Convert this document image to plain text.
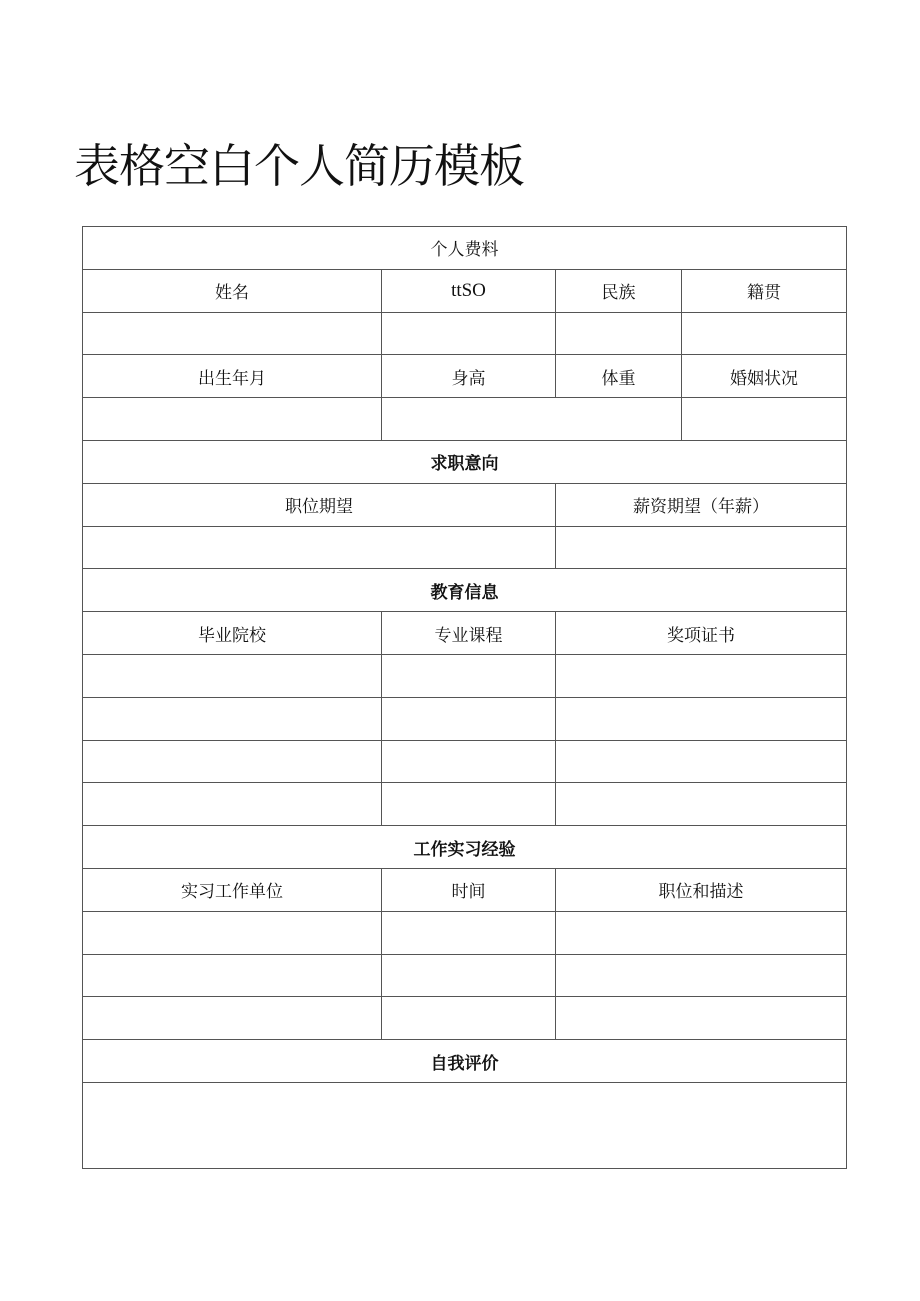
表格空白个人简历模板
个人费料			
姓名	ttSO	民族	籍贯

出生年月	身高	体重	婚姻状况

求职意向			
职位期望		薪资期望（年薪）	

教育信息			
毕业院校	专业课程	奖项证书	

工作实习经验			
实习工作单位	时间	职位和描述	

自我评价			
